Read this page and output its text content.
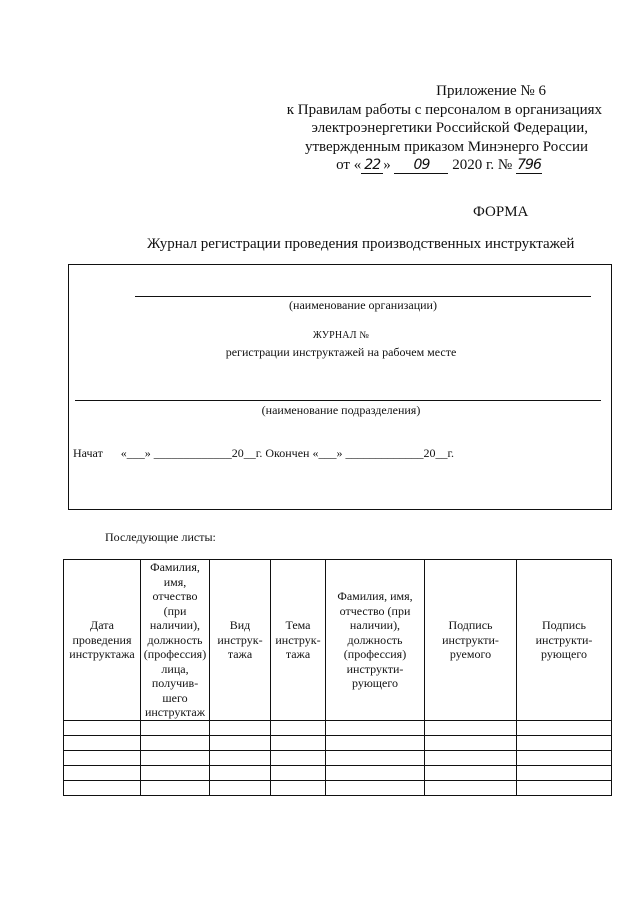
Приложение № 6
к Правилам работы с персоналом в организациях
электроэнергетики Российской Федерации,
утвержденным приказом Минэнерго России
от « 22 » 09 2020 г. № 796
ФОРМА
Журнал регистрации проведения производственных инструктажей
(наименование организации)
ЖУРНАЛ №
регистрации инструктажей на рабочем месте
(наименование подразделения)
Начат      «___» _____________20__г. Окончен «___» _____________20__г.
Последующие листы:
Дата проведения инструктажа	Фамилия, имя, отчество (при наличии), должность (профессия) лица, получив-шего инструктаж	Вид инструк-тажа	Тема инструк-тажа	Фамилия, имя, отчество (при наличии), должность (профессия) инструкти-рующего	Подпись инструкти-руемого	Подпись инструкти-рующего
